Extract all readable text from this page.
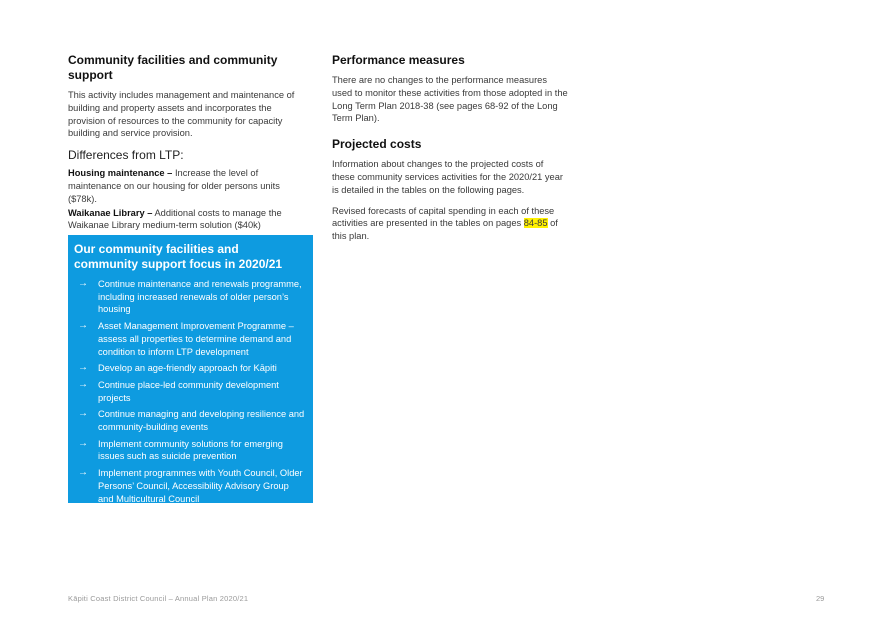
Community facilities and community support

This activity includes management and maintenance of building and property assets and incorporates the provision of resources to the community for capacity building and service provision.

Differences from LTP:

Housing maintenance – Increase the level of maintenance on our housing for older persons units ($78k).

Waikanae Library – Additional costs to manage the Waikanae Library medium-term solution ($40k)

Our community facilities and community support focus in 2020/21
→ Continue maintenance and renewals programme, including increased renewals of older person’s housing
→ Asset Management Improvement Programme – assess all properties to determine demand and condition to inform LTP development
→ Develop an age-friendly approach for Kāpiti
→ Continue place-led community development projects
→ Continue managing and developing resilience and community-building events
→ Implement community solutions for emerging issues such as suicide prevention
→ Implement programmes with Youth Council, Older Persons’ Council, Accessibility Advisory Group and Multicultural Council
Performance measures

There are no changes to the performance measures used to monitor these activities from those adopted in the Long Term Plan 2018-38 (see pages 68-92 of the Long Term Plan).

Projected costs

Information about changes to the projected costs of these community services activities for the 2020/21 year is detailed in the tables on the following pages.

Revised forecasts of capital spending in each of these activities are presented in the tables on pages 84-85 of this plan.

Kāpiti Coast District Council – Annual Plan 2020/21	29
